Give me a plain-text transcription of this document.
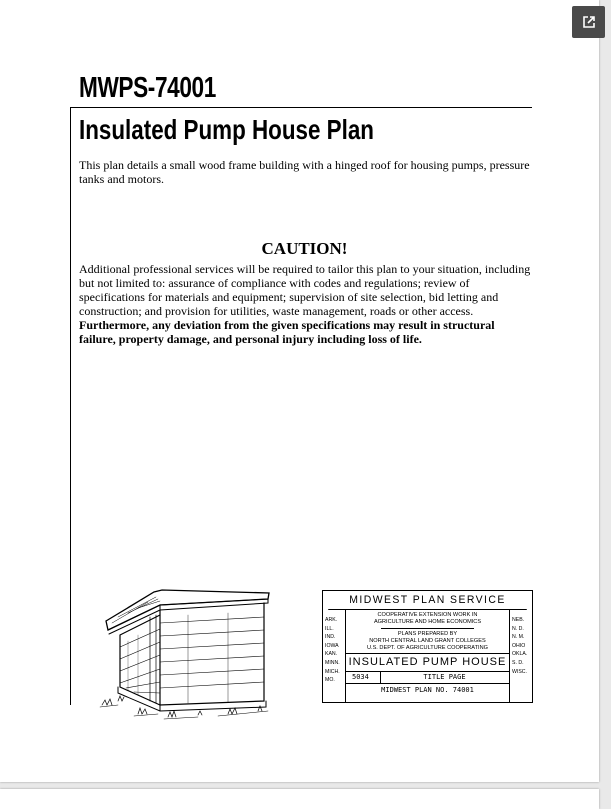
MWPS-74001
Insulated Pump House Plan
This plan details a small wood frame building with a hinged roof for housing pumps, pressure tanks and motors.
CAUTION!
Additional professional services will be required to tailor this plan to your situation, including but not limited to: assurance of compliance with codes and regulations; review of specifications for materials and equipment; supervision of site selection, bid letting and construction; and provision for utilities, waste management, roads or other access. Furthermore, any deviation from the given specifications may result in structural failure, property damage, and personal injury including loss of life.
MIDWEST PLAN SERVICE
ARK.
ILL.
IND.
IOWA
KAN.
MINN.
MICH.
MO.
COOPERATIVE EXTENSION WORK IN
AGRICULTURE AND HOME ECONOMICS
PLANS PREPARED BY
NORTH CENTRAL LAND GRANT COLLEGES
U.S. DEPT. OF AGRICULTURE COOPERATING
INSULATED PUMP HOUSE
5034	TITLE PAGE
MIDWEST PLAN NO. 74001
NEB.
N. D.
N. M.
OHIO
OKLA.
S. D.
WISC.
